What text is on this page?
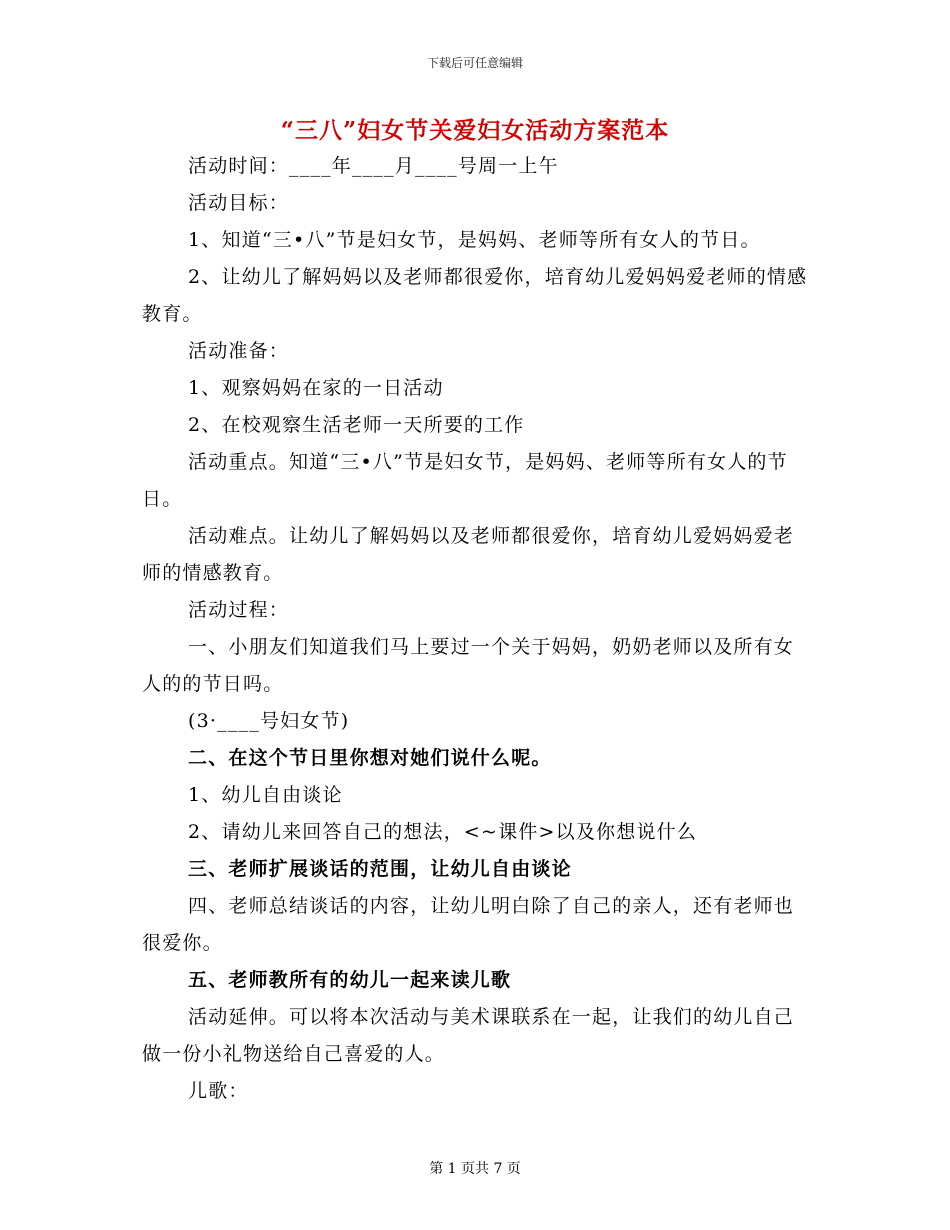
下载后可任意编辑
“三八”妇女节关爱妇女活动方案范本

活动时间：____年____月____号周一上午

活动目标：

1、知道“三•八”节是妇女节，是妈妈、老师等所有女人的节日。

2、让幼儿了解妈妈以及老师都很爱你，培育幼儿爱妈妈爱老师的情感教育。

活动准备：

1、观察妈妈在家的一日活动

2、在校观察生活老师一天所要的工作

活动重点。知道“三•八”节是妇女节，是妈妈、老师等所有女人的节日。

活动难点。让幼儿了解妈妈以及老师都很爱你，培育幼儿爱妈妈爱老师的情感教育。

活动过程：

一、小朋友们知道我们马上要过一个关于妈妈，奶奶老师以及所有女人的的节日吗。

(3·____号妇女节)

二、在这个节日里你想对她们说什么呢。

1、幼儿自由谈论

2、请幼儿来回答自己的想法，<~课件>以及你想说什么

三、老师扩展谈话的范围，让幼儿自由谈论

四、老师总结谈话的内容，让幼儿明白除了自己的亲人，还有老师也很爱你。

五、老师教所有的幼儿一起来读儿歌

活动延伸。可以将本次活动与美术课联系在一起，让我们的幼儿自己做一份小礼物送给自己喜爱的人。

儿歌：

第 1 页共 7 页
